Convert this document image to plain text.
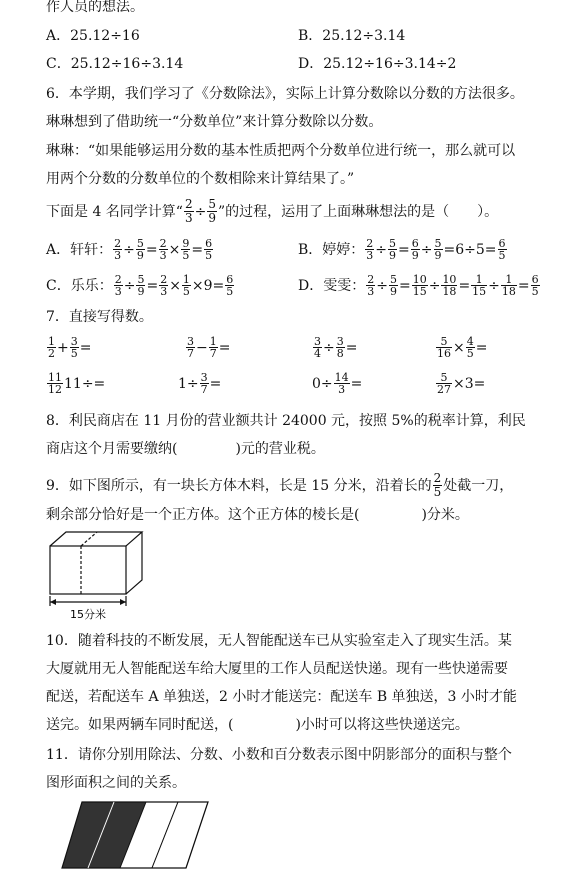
作人员的想法。
A．25.12÷16	B．25.12÷3.14
C．25.12÷16÷3.14	D．25.12÷16÷3.14÷2
6．本学期，我们学习了《分数除法》，实际上计算分数除以分数的方法很多。
琳琳想到了借助统一“分数单位”来计算分数除以分数。
琳琳：“如果能够运用分数的基本性质把两个分数单位进行统一，那么就可以
用两个分数的分数单位的个数相除来计算结果了。”
下面是 4 名同学计算“ $\frac{2}{3} \div \frac{5}{9}$ ”的过程，运用了上面琳琳想法的是（　　）。
A．轩轩： $\frac{2}{3} \div \frac{5}{9} = \frac{2}{3} \times \frac{9}{5} = \frac{6}{5}$	B．婷婷： $\frac{2}{3} \div \frac{5}{9} = \frac{6}{9} \div \frac{5}{9} =6\div 5= \frac{6}{5}$
C．乐乐： $\frac{2}{3} \div \frac{5}{9} = \frac{2}{3} \times \frac{1}{5} \times 9= \frac{6}{5}$	D．雯雯： $\frac{2}{3} \div \frac{5}{9} = \frac{10}{15} \div \frac{10}{18} = \frac{1}{15} \div \frac{1}{18} = \frac{6}{5}$
7．直接写得数。
$\frac{1}{2} + \frac{3}{5}$ =	$\frac{3}{7} - \frac{1}{7}$ =	$\frac{3}{4} \div \frac{3}{8}$ =	$\frac{5}{16} \times \frac{4}{5}$ =
$\frac{11}{12} 11\div=$	$1\div \frac{3}{7}$ =	$0\div \frac{14}{3}$ =	$\frac{5}{27} \times 3=$
8．利民商店在 11 月份的营业额共计 24000 元，按照 5%的税率计算，利民
商店这个月需要缴纳(	)元的营业税。
9．如下图所示，有一块长方体木料，长是 15 分米，沿着长的 $\frac{2}{5}$ 处截一刀，
剩余部分恰好是一个正方体。这个正方体的棱长是(	)分米。
15分米
10．随着科技的不断发展，无人智能配送车已从实验室走入了现实生活。某
大厦就用无人智能配送车给大厦里的工作人员配送快递。现有一些快递需要
配送，若配送车 A 单独送，2 小时才能送完：配送车 B 单独送，3 小时才能
送完。如果两辆车同时配送，(	)小时可以将这些快递送完。
11．请你分别用除法、分数、小数和百分数表示图中阴影部分的面积与整个
图形面积之间的关系。
